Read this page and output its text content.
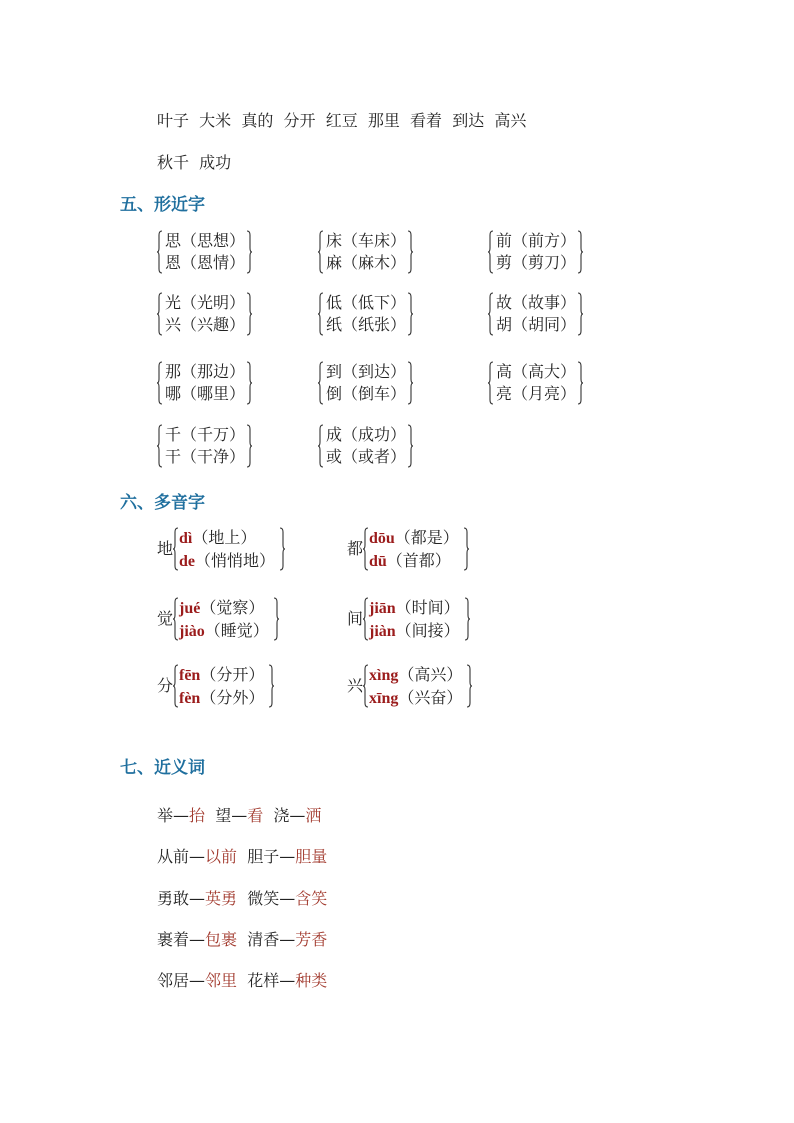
叶子  大米  真的  分开  红豆  那里  看着  到达  高兴
秋千  成功
五、形近字
思（思想）
恩（恩情）
床（车床）
麻（麻木）
前（前方）
剪（剪刀）
光（光明）
兴（兴趣）
低（低下）
纸（纸张）
故（故事）
胡（胡同）
那（那边）
哪（哪里）
到（到达）
倒（倒车）
高（高大）
亮（月亮）
千（千万）
干（干净）
成（成功）
或（或者）
六、多音字
地
dì（地上）
de（悄悄地）
都
dōu（都是）
dū（首都）
觉
jué（觉察）
jiào（睡觉）
间
jiān（时间）
jiàn（间接）
分
fēn（分开）
fèn（分外）
兴
xìng（高兴）
xīng（兴奋）
七、近义词
举—抬 望—看 浇—洒
从前—以前 胆子—胆量
勇敢—英勇 微笑—含笑
裹着—包裹 清香—芳香
邻居—邻里 花样—种类
